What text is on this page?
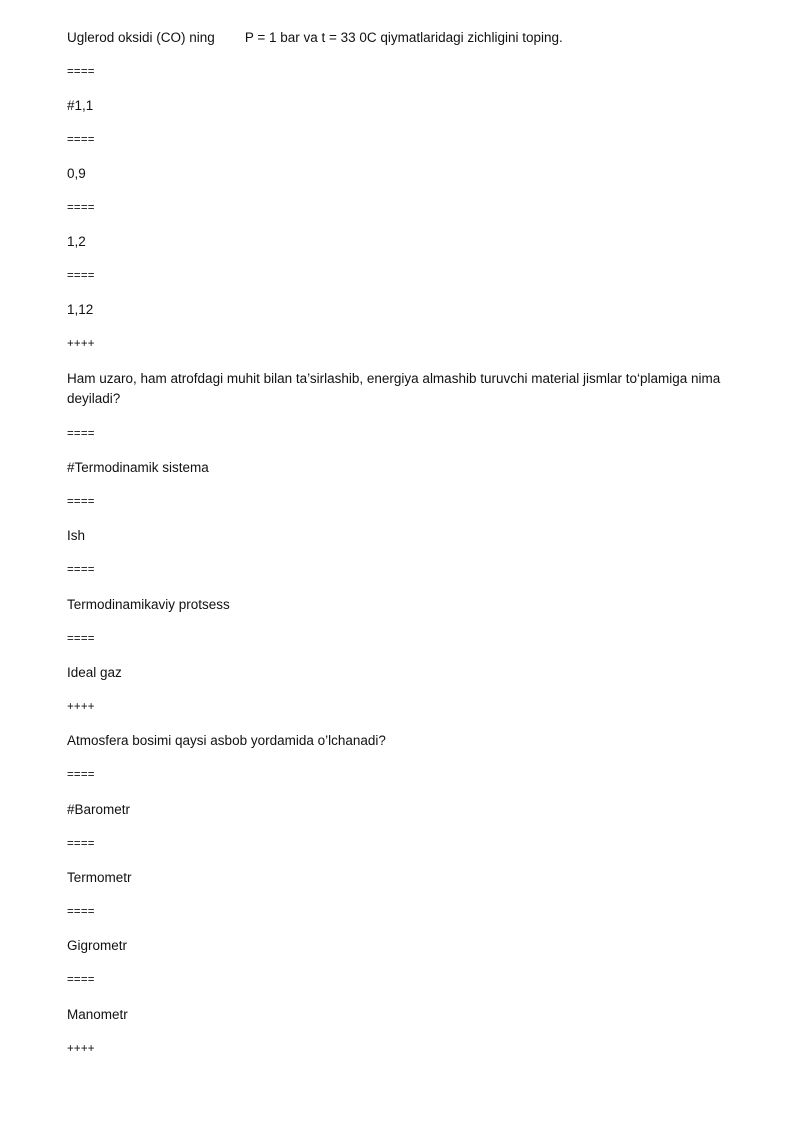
Uglerod oksidi (CO) ning P = 1 bar va t = 33 0C qiymatlaridagi zichligini toping.
====
#1,1
====
0,9
====
1,2
====
1,12
++++
Ham uzaro, ham atrofdagi muhit bilan ta’sirlashib, energiya almashib turuvchi material jismlar to‘plamiga nima deyiladi?
====
#Termodinamik sistema
====
Ish
====
Termodinamikaviy protsess
====
Ideal gaz
++++
Atmosfera bosimi qaysi asbob yordamida o’lchanadi?
====
#Barometr
====
Termometr
====
Gigrometr
====
Manometr
++++
